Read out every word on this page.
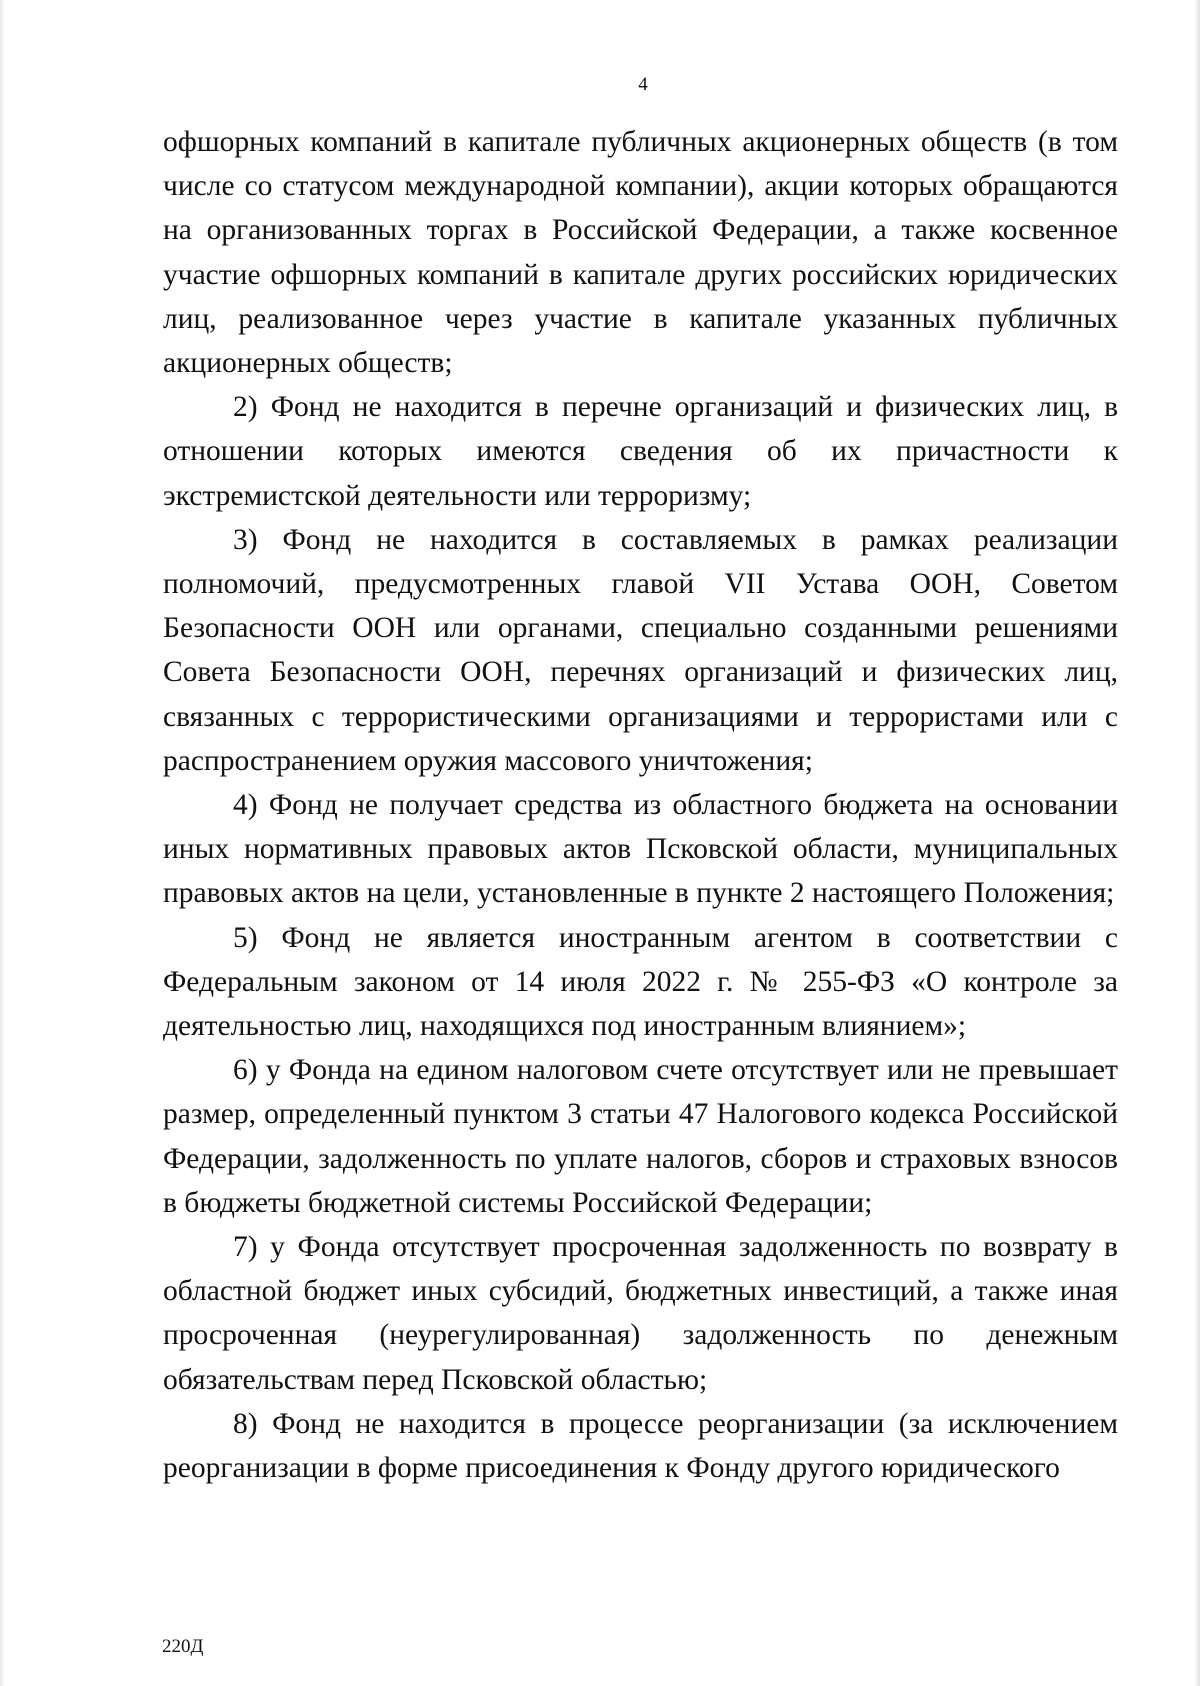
4

офшорных компаний в капитале публичных акционерных обществ (в том числе со статусом международной компании), акции которых обращаются на организованных торгах в Российской Федерации, а также косвенное участие офшорных компаний в капитале других российских юридических лиц, реализованное через участие в капитале указанных публичных акционерных обществ;

2) Фонд не находится в перечне организаций и физических лиц, в отношении которых имеются сведения об их причастности к экстремистской деятельности или терроризму;

3) Фонд не находится в составляемых в рамках реализации полномочий, предусмотренных главой VII Устава ООН, Советом Безопасности ООН или органами, специально созданными решениями Совета Безопасности ООН, перечнях организаций и физических лиц, связанных с террористическими организациями и террористами или с распространением оружия массового уничтожения;

4) Фонд не получает средства из областного бюджета на основании иных нормативных правовых актов Псковской области, муниципальных правовых актов на цели, установленные в пункте 2 настоящего Положения;

5) Фонд не является иностранным агентом в соответствии с Федеральным законом от 14 июля 2022 г. № 255-ФЗ «О контроле за деятельностью лиц, находящихся под иностранным влиянием»;

6) у Фонда на едином налоговом счете отсутствует или не превышает размер, определенный пунктом 3 статьи 47 Налогового кодекса Российской Федерации, задолженность по уплате налогов, сборов и страховых взносов в бюджеты бюджетной системы Российской Федерации;

7) у Фонда отсутствует просроченная задолженность по возврату в областной бюджет иных субсидий, бюджетных инвестиций, а также иная просроченная (неурегулированная) задолженность по денежным обязательствам перед Псковской областью;

8) Фонд не находится в процессе реорганизации (за исключением реорганизации в форме присоединения к Фонду другого юридического

220Д
